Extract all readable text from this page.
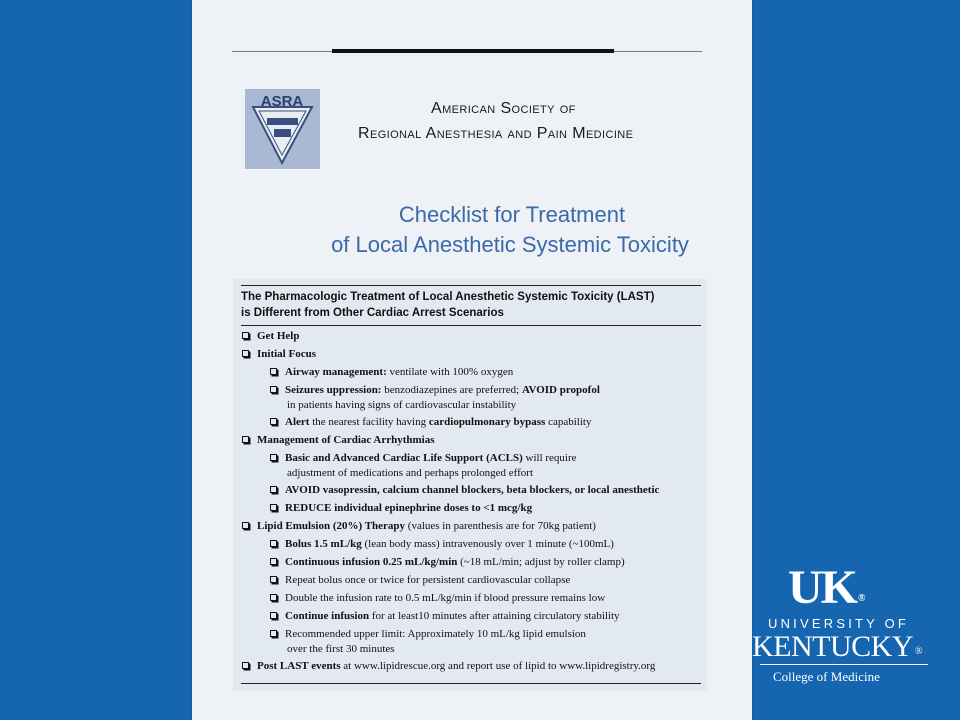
ASRA	American Society of
Regional Anesthesia and Pain Medicine
Checklist for Treatment
of Local Anesthetic Systemic Toxicity
The Pharmacologic Treatment of Local Anesthetic Systemic Toxicity (LAST)
is Different from Other Cardiac Arrest Scenarios
Get Help
Initial Focus
Airway management: ventilate with 100% oxygen
Seizures uppression: benzodiazepines are preferred; AVOID propofol
in patients having signs of cardiovascular instability
Alert the nearest facility having cardiopulmonary bypass capability
Management of Cardiac Arrhythmias
Basic and Advanced Cardiac Life Support (ACLS) will require
adjustment of medications and perhaps prolonged effort
AVOID vasopressin, calcium channel blockers, beta blockers, or local anesthetic
REDUCE individual epinephrine doses to <1 mcg/kg
Lipid Emulsion (20%) Therapy (values in parenthesis are for 70kg patient)
Bolus 1.5 mL/kg (lean body mass) intravenously over 1 minute (~100mL)
Continuous infusion 0.25 mL/kg/min (~18 mL/min; adjust by roller clamp)
Repeat bolus once or twice for persistent cardiovascular collapse
Double the infusion rate to 0.5 mL/kg/min if blood pressure remains low
Continue infusion for at least10 minutes after attaining circulatory stability
Recommended upper limit: Approximately 10 mL/kg lipid emulsion
over the first 30 minutes
Post LAST events at www.lipidrescue.org and report use of lipid to www.lipidregistry.org
UK ®
UNIVERSITY OF
KENTUCKY ®
College of Medicine
